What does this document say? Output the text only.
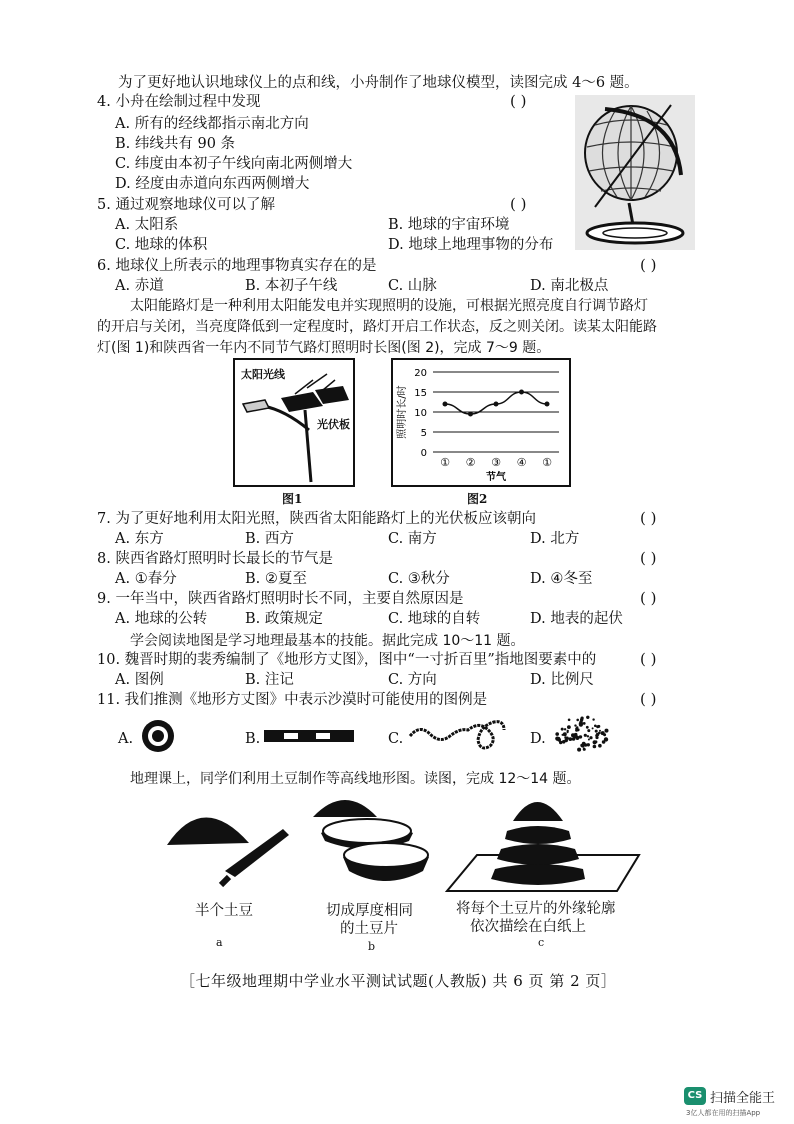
为了更好地认识地球仪上的点和线，小舟制作了地球仪模型，读图完成 4～6 题。
4. 小舟在绘制过程中发现	( )
A. 所有的经线都指示南北方向
B. 纬线共有 90 条
C. 纬度由本初子午线向南北两侧增大
D. 经度由赤道向东西两侧增大
5. 通过观察地球仪可以了解	( )
A. 太阳系	B. 地球的宇宙环境
C. 地球的体积	D. 地球上地理事物的分布
6. 地球仪上所表示的地理事物真实存在的是	( )
A. 赤道	B. 本初子午线	C. 山脉	D. 南北极点
太阳能路灯是一种利用太阳能发电并实现照明的设施，可根据光照亮度自行调节路灯
的开启与关闭，当亮度降低到一定程度时，路灯开启工作状态，反之则关闭。读某太阳能路
灯(图 1)和陕西省一年内不同节气路灯照明时长图(图 2)，完成 7～9 题。
太阳光线
光伏板
图1
0
5
10
15
20
照明时长/时
① ② ③ ④ ①
节气
图2
7. 为了更好地利用太阳光照，陕西省太阳能路灯上的光伏板应该朝向	( )
A. 东方	B. 西方	C. 南方	D. 北方
8. 陕西省路灯照明时长最长的节气是	( )
A. ①春分	B. ②夏至	C. ③秋分	D. ④冬至
9. 一年当中，陕西省路灯照明时长不同，主要自然原因是	( )
A. 地球的公转	B. 政策规定	C. 地球的自转	D. 地表的起伏
学会阅读地图是学习地理最基本的技能。据此完成 10～11 题。
10. 魏晋时期的裴秀编制了《地形方丈图》，图中“一寸折百里”指地图要素中的	( )
A. 图例	B. 注记	C. 方向	D. 比例尺
11. 我们推测《地形方丈图》中表示沙漠时可能使用的图例是	( )
A.	B.	C.	D.
地理课上，同学们利用土豆制作等高线地形图。读图，完成 12～14 题。
半个土豆
a
切成厚度相同
的土豆片
b
将每个土豆片的外缘轮廓
依次描绘在白纸上
c
［七年级地理期中学业水平测试试题(人教版) 共 6 页 第 2 页］
CS 扫描全能王
3亿人都在用的扫描App
